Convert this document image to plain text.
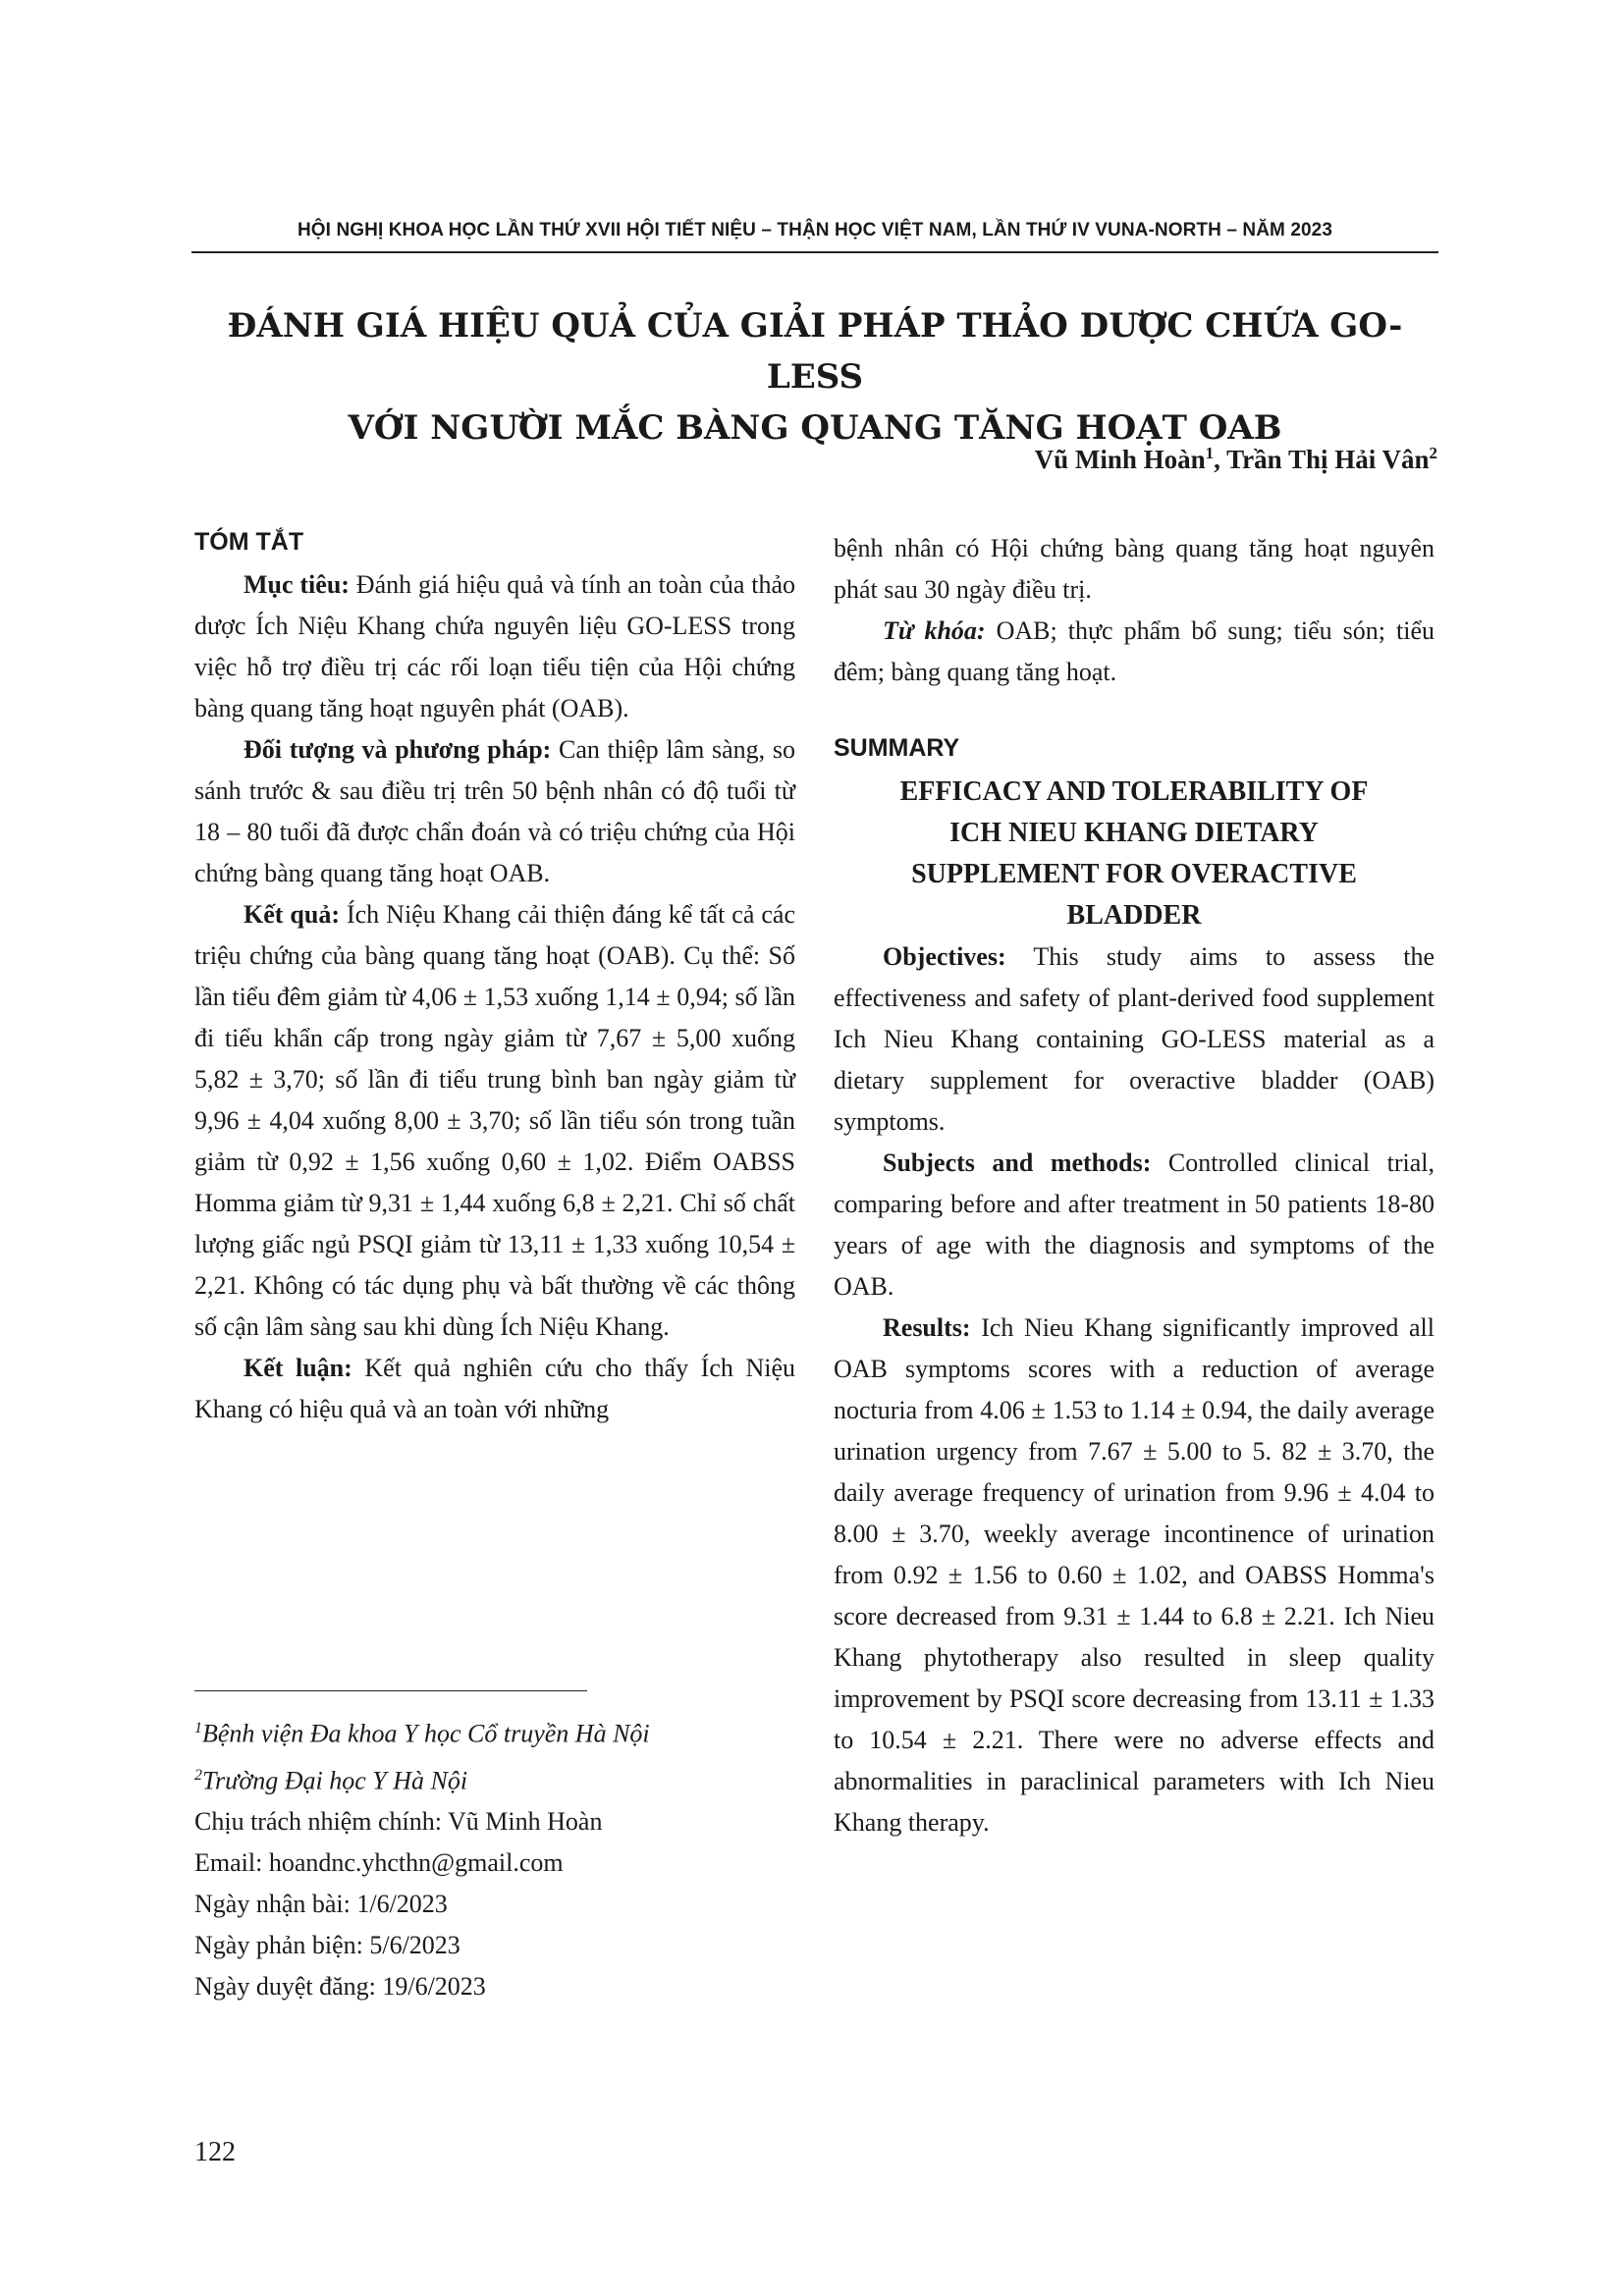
HỘI NGHỊ KHOA HỌC LẦN THỨ XVII HỘI TIẾT NIỆU – THẬN HỌC VIỆT NAM, LẦN THỨ IV VUNA-NORTH – NĂM 2023
ĐÁNH GIÁ HIỆU QUẢ CỦA GIẢI PHÁP THẢO DƯỢC CHỨA GO-LESS
VỚI NGƯỜI MẮC BÀNG QUANG TĂNG HOẠT OAB
Vũ Minh Hoàn$^1$, Trần Thị Hải Vân$^2$
TÓM TẮT

Mục tiêu: Đánh giá hiệu quả và tính an toàn của thảo dược Ích Niệu Khang chứa nguyên liệu GO-LESS trong việc hỗ trợ điều trị các rối loạn tiểu tiện của Hội chứng bàng quang tăng hoạt nguyên phát (OAB).

Đối tượng và phương pháp: Can thiệp lâm sàng, so sánh trước & sau điều trị trên 50 bệnh nhân có độ tuổi từ 18 – 80 tuổi đã được chẩn đoán và có triệu chứng của Hội chứng bàng quang tăng hoạt OAB.

Kết quả: Ích Niệu Khang cải thiện đáng kể tất cả các triệu chứng của bàng quang tăng hoạt (OAB). Cụ thể: Số lần tiểu đêm giảm từ 4,06 ± 1,53 xuống 1,14 ± 0,94; số lần đi tiểu khẩn cấp trong ngày giảm từ 7,67 ± 5,00 xuống 5,82 ± 3,70; số lần đi tiểu trung bình ban ngày giảm từ 9,96 ± 4,04 xuống 8,00 ± 3,70; số lần tiểu són trong tuần giảm từ 0,92 ± 1,56 xuống 0,60 ± 1,02. Điểm OABSS Homma giảm từ 9,31 ± 1,44 xuống 6,8 ± 2,21. Chỉ số chất lượng giấc ngủ PSQI giảm từ 13,11 ± 1,33 xuống 10,54 ± 2,21. Không có tác dụng phụ và bất thường về các thông số cận lâm sàng sau khi dùng Ích Niệu Khang.

Kết luận: Kết quả nghiên cứu cho thấy Ích Niệu Khang có hiệu quả và an toàn với những

$^1$Bệnh viện Đa khoa Y học Cổ truyền Hà Nội

$^2$Trường Đại học Y Hà Nội

Chịu trách nhiệm chính: Vũ Minh Hoàn

Email: hoandnc.yhcthn@gmail.com

Ngày nhận bài: 1/6/2023

Ngày phản biện: 5/6/2023

Ngày duyệt đăng: 19/6/2023

bệnh nhân có Hội chứng bàng quang tăng hoạt nguyên phát sau 30 ngày điều trị.

Từ khóa: OAB; thực phẩm bổ sung; tiểu són; tiểu đêm; bàng quang tăng hoạt.

SUMMARY
EFFICACY AND TOLERABILITY OF
ICH NIEU KHANG DIETARY
SUPPLEMENT FOR OVERACTIVE
BLADDER

Objectives: This study aims to assess the effectiveness and safety of plant-derived food supplement Ich Nieu Khang containing GO-LESS material as a dietary supplement for overactive bladder (OAB) symptoms.

Subjects and methods: Controlled clinical trial, comparing before and after treatment in 50 patients 18-80 years of age with the diagnosis and symptoms of the OAB.

Results: Ich Nieu Khang significantly improved all OAB symptoms scores with a reduction of average nocturia from 4.06 ± 1.53 to 1.14 ± 0.94, the daily average urination urgency from 7.67 ± 5.00 to 5. 82 ± 3.70, the daily average frequency of urination from 9.96 ± 4.04 to 8.00 ± 3.70, weekly average incontinence of urination from 0.92 ± 1.56 to 0.60 ± 1.02, and OABSS Homma's score decreased from 9.31 ± 1.44 to 6.8 ± 2.21. Ich Nieu Khang phytotherapy also resulted in sleep quality improvement by PSQI score decreasing from 13.11 ± 1.33 to 10.54 ± 2.21. There were no adverse effects and abnormalities in paraclinical parameters with Ich Nieu Khang therapy.

122
